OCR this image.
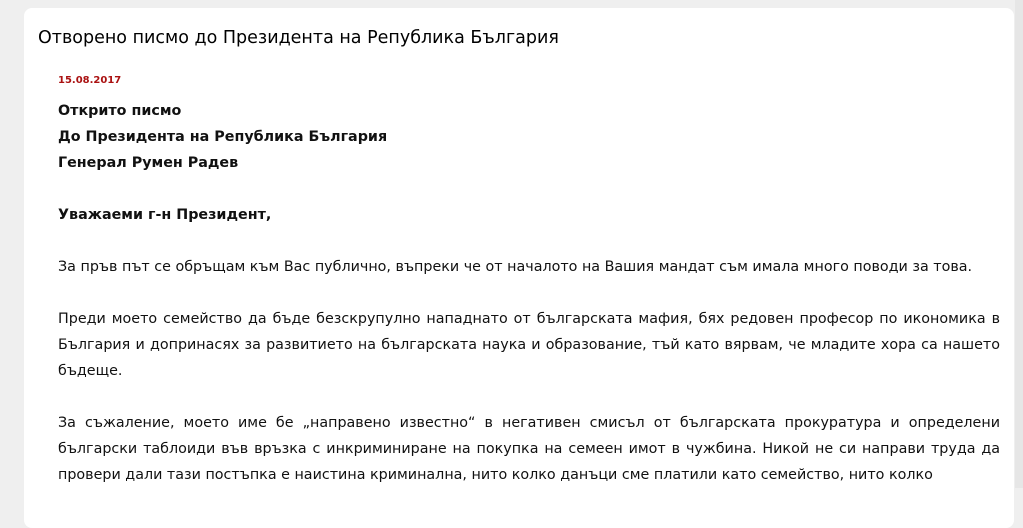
Отворено писмо до Президента на Република България
15.08.2017

Открито писмо

До Президента на Република България

Генерал Румен Радев

Уважаеми г-н Президент,

За пръв път се обръщам към Вас публично, въпреки че от началото на Вашия мандат съм имала много поводи за това.

Преди моето семейство да бъде безскрупулно нападнато от българската мафия, бях редовен професор по икономика в България и допринасях за развитието на българската наука и образование, тъй като вярвам, че младите хора са нашето бъдеще.

За съжаление, моето име бе „направено известно“ в негативен смисъл от българската прокуратура и определени български таблоиди във връзка с инкриминиране на покупка на семеен имот в чужбина. Никой не си направи труда да провери дали тази постъпка е наистина криминална, нито колко данъци сме платили като семейство, нито колко
